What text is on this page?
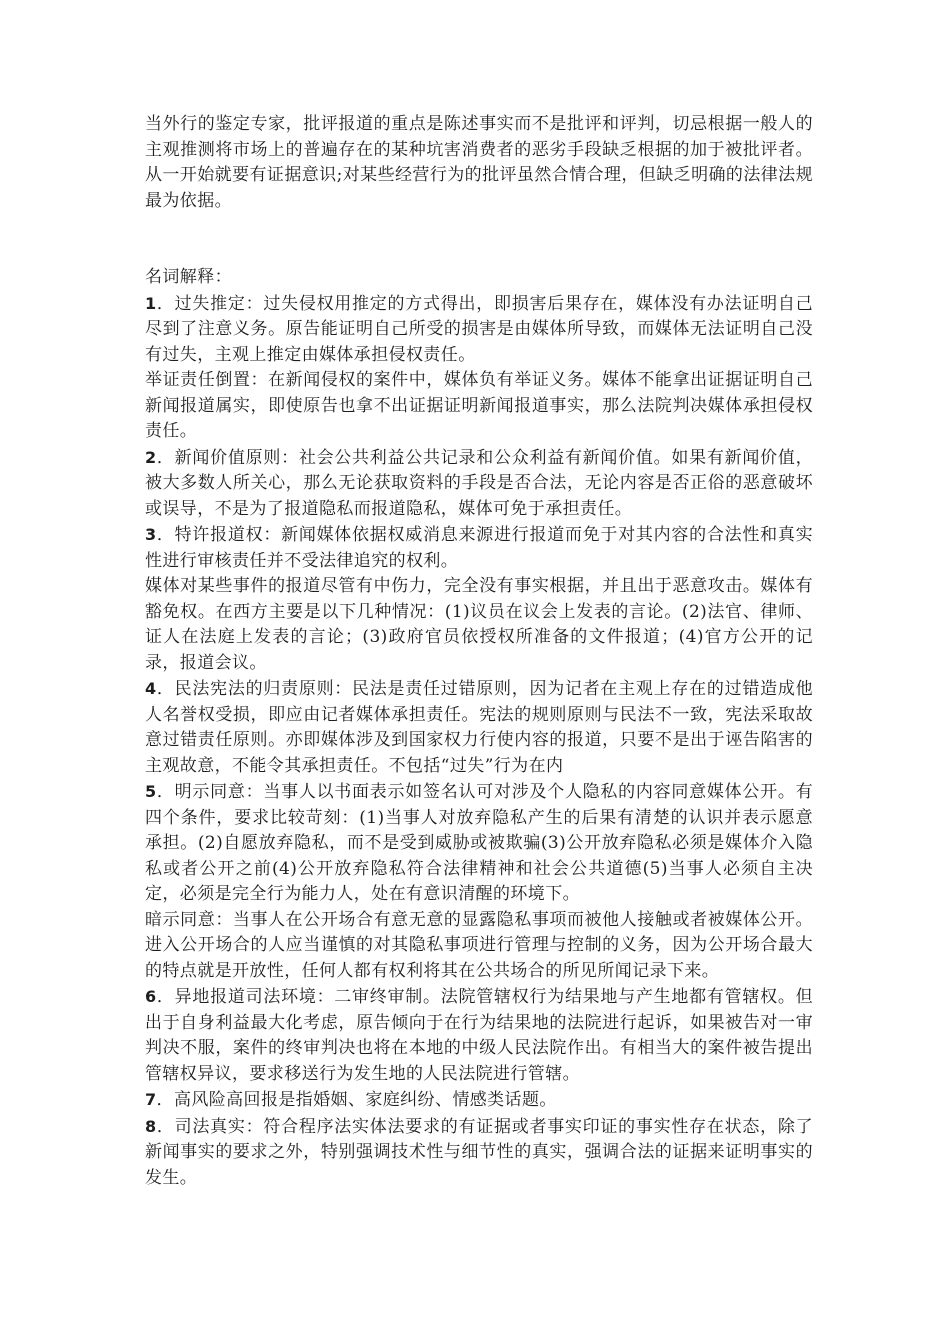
当外行的鉴定专家，批评报道的重点是陈述事实而不是批评和评判，切忌根据一般人的主观推测将市场上的普遍存在的某种坑害消费者的恶劣手段缺乏根据的加于被批评者。从一开始就要有证据意识;对某些经营行为的批评虽然合情合理，但缺乏明确的法律法规最为依据。

名词解释：

1．过失推定：过失侵权用推定的方式得出，即损害后果存在，媒体没有办法证明自己尽到了注意义务。原告能证明自己所受的损害是由媒体所导致，而媒体无法证明自己没有过失，主观上推定由媒体承担侵权责任。

举证责任倒置：在新闻侵权的案件中，媒体负有举证义务。媒体不能拿出证据证明自己新闻报道属实，即使原告也拿不出证据证明新闻报道事实，那么法院判决媒体承担侵权责任。

2．新闻价值原则：社会公共利益公共记录和公众利益有新闻价值。如果有新闻价值，被大多数人所关心，那么无论获取资料的手段是否合法，无论内容是否正俗的恶意破坏或误导，不是为了报道隐私而报道隐私，媒体可免于承担责任。

3．特许报道权：新闻媒体依据权威消息来源进行报道而免于对其内容的合法性和真实性进行审核责任并不受法律追究的权利。

媒体对某些事件的报道尽管有中伤力，完全没有事实根据，并且出于恶意攻击。媒体有豁免权。在西方主要是以下几种情况：(1)议员在议会上发表的言论。(2)法官、律师、证人在法庭上发表的言论；(3)政府官员依授权所准备的文件报道；(4)官方公开的记录，报道会议。

4．民法宪法的归责原则：民法是责任过错原则，因为记者在主观上存在的过错造成他人名誉权受损，即应由记者媒体承担责任。宪法的规则原则与民法不一致，宪法采取故意过错责任原则。亦即媒体涉及到国家权力行使内容的报道，只要不是出于诬告陷害的主观故意，不能令其承担责任。不包括“过失”行为在内

5．明示同意：当事人以书面表示如签名认可对涉及个人隐私的内容同意媒体公开。有四个条件，要求比较苛刻：(1)当事人对放弃隐私产生的后果有清楚的认识并表示愿意承担。(2)自愿放弃隐私，而不是受到威胁或被欺骗(3)公开放弃隐私必须是媒体介入隐私或者公开之前(4)公开放弃隐私符合法律精神和社会公共道德(5)当事人必须自主决定，必须是完全行为能力人，处在有意识清醒的环境下。

暗示同意：当事人在公开场合有意无意的显露隐私事项而被他人接触或者被媒体公开。进入公开场合的人应当谨慎的对其隐私事项进行管理与控制的义务，因为公开场合最大的特点就是开放性，任何人都有权利将其在公共场合的所见所闻记录下来。

6．异地报道司法环境：二审终审制。法院管辖权行为结果地与产生地都有管辖权。但出于自身利益最大化考虑，原告倾向于在行为结果地的法院进行起诉，如果被告对一审判决不服，案件的终审判决也将在本地的中级人民法院作出。有相当大的案件被告提出管辖权异议，要求移送行为发生地的人民法院进行管辖。

7．高风险高回报是指婚姻、家庭纠纷、情感类话题。

8．司法真实：符合程序法实体法要求的有证据或者事实印证的事实性存在状态，除了新闻事实的要求之外，特别强调技术性与细节性的真实，强调合法的证据来证明事实的发生。
